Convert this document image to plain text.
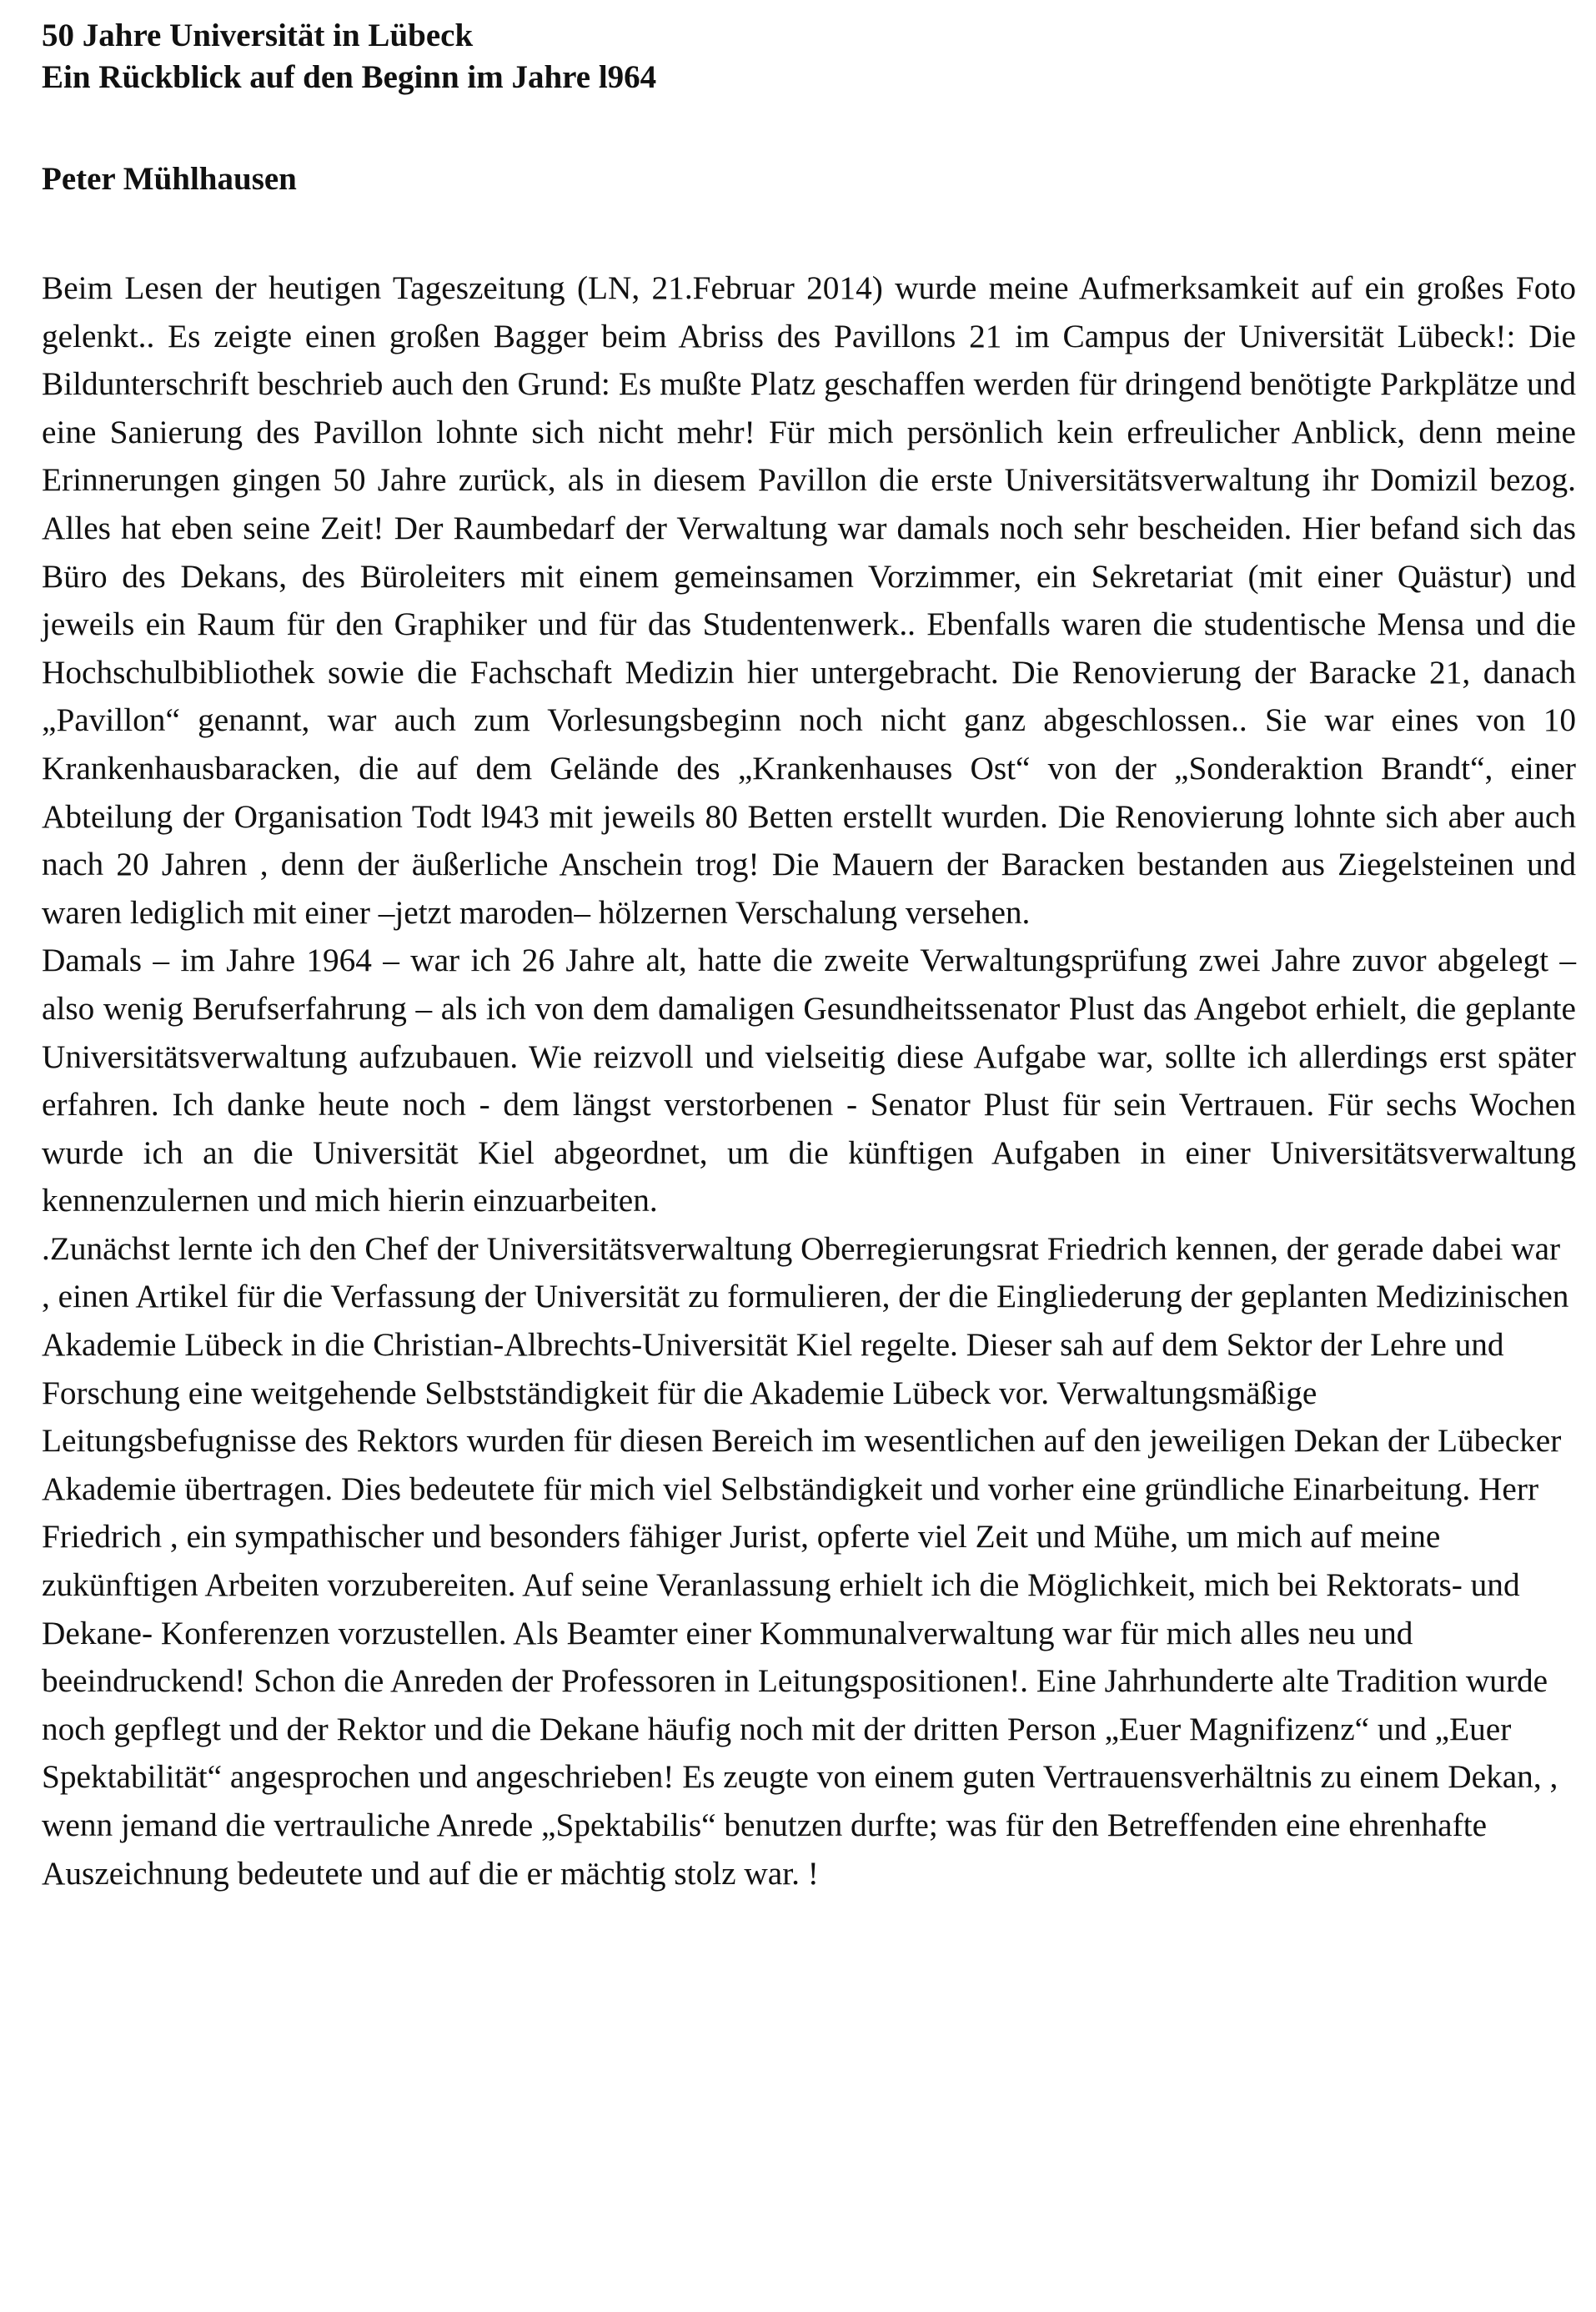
50 Jahre Universität in Lübeck
Ein Rückblick auf den Beginn im Jahre l964
Peter Mühlhausen

Beim Lesen der heutigen Tageszeitung (LN, 21.Februar 2014) wurde meine Aufmerksamkeit auf ein großes Foto gelenkt.. Es zeigte einen großen Bagger beim Abriss des Pavillons 21 im Campus der Universität Lübeck!: Die Bildunterschrift beschrieb auch den Grund: Es mußte Platz geschaffen werden für dringend benötigte Parkplätze und eine Sanierung des Pavillon lohnte sich nicht mehr! Für mich persönlich kein erfreulicher Anblick, denn meine Erinnerungen gingen 50 Jahre zurück, als in diesem Pavillon die erste Universitätsverwaltung ihr Domizil bezog. Alles hat eben seine Zeit! Der Raumbedarf der Verwaltung war damals noch sehr bescheiden. Hier befand sich das Büro des Dekans, des Büroleiters mit einem gemeinsamen Vorzimmer, ein Sekretariat (mit einer Quästur) und jeweils ein Raum für den Graphiker und für das Studentenwerk.. Ebenfalls waren die studentische Mensa und die Hochschulbibliothek sowie die Fachschaft Medizin hier untergebracht. Die Renovierung der Baracke 21, danach „Pavillon“ genannt, war auch zum Vorlesungsbeginn noch nicht ganz abgeschlossen.. Sie war eines von 10 Krankenhausbaracken, die auf dem Gelände des „Krankenhauses Ost“ von der „Sonderaktion Brandt“, einer Abteilung der Organisation Todt l943 mit jeweils 80 Betten erstellt wurden. Die Renovierung lohnte sich aber auch nach 20 Jahren , denn der äußerliche Anschein trog! Die Mauern der Baracken bestanden aus Ziegelsteinen und waren lediglich mit einer –jetzt maroden– hölzernen Verschalung versehen.

Damals – im Jahre 1964 – war ich 26 Jahre alt, hatte die zweite Verwaltungsprüfung zwei Jahre zuvor abgelegt – also wenig Berufserfahrung – als ich von dem damaligen Gesundheitssenator Plust das Angebot erhielt, die geplante Universitätsverwaltung aufzubauen. Wie reizvoll und vielseitig diese Aufgabe war, sollte ich allerdings erst später erfahren. Ich danke heute noch - dem längst verstorbenen - Senator Plust für sein Vertrauen. Für sechs Wochen wurde ich an die Universität Kiel abgeordnet, um die künftigen Aufgaben in einer Universitätsverwaltung kennenzulernen und mich hierin einzuarbeiten.

.Zunächst lernte ich den Chef der Universitätsverwaltung Oberregierungsrat Friedrich kennen, der gerade dabei war , einen Artikel für die Verfassung der Universität zu formulieren, der die Eingliederung der geplanten Medizinischen Akademie Lübeck in die Christian-Albrechts-Universität Kiel regelte. Dieser sah auf dem Sektor der Lehre und Forschung eine weitgehende Selbstständigkeit für die Akademie Lübeck vor. Verwaltungsmäßige Leitungsbefugnisse des Rektors wurden für diesen Bereich im wesentlichen auf den jeweiligen Dekan der Lübecker Akademie übertragen. Dies bedeutete für mich viel Selbständigkeit und vorher eine gründliche Einarbeitung. Herr Friedrich , ein sympathischer und besonders fähiger Jurist, opferte viel Zeit und Mühe, um mich auf meine zukünftigen Arbeiten vorzubereiten. Auf seine Veranlassung erhielt ich die Möglichkeit, mich bei Rektorats- und Dekane- Konferenzen vorzustellen. Als Beamter einer Kommunalverwaltung war für mich alles neu und beeindruckend! Schon die Anreden der Professoren in Leitungspositionen!. Eine Jahrhunderte alte Tradition wurde noch gepflegt und der Rektor und die Dekane häufig noch mit der dritten Person „Euer Magnifizenz“ und „Euer Spektabilität“ angesprochen und angeschrieben! Es zeugte von einem guten Vertrauensverhältnis zu einem Dekan, , wenn jemand die vertrauliche Anrede „Spektabilis“ benutzen durfte; was für den Betreffenden eine ehrenhafte Auszeichnung bedeutete und auf die er mächtig stolz war. !
